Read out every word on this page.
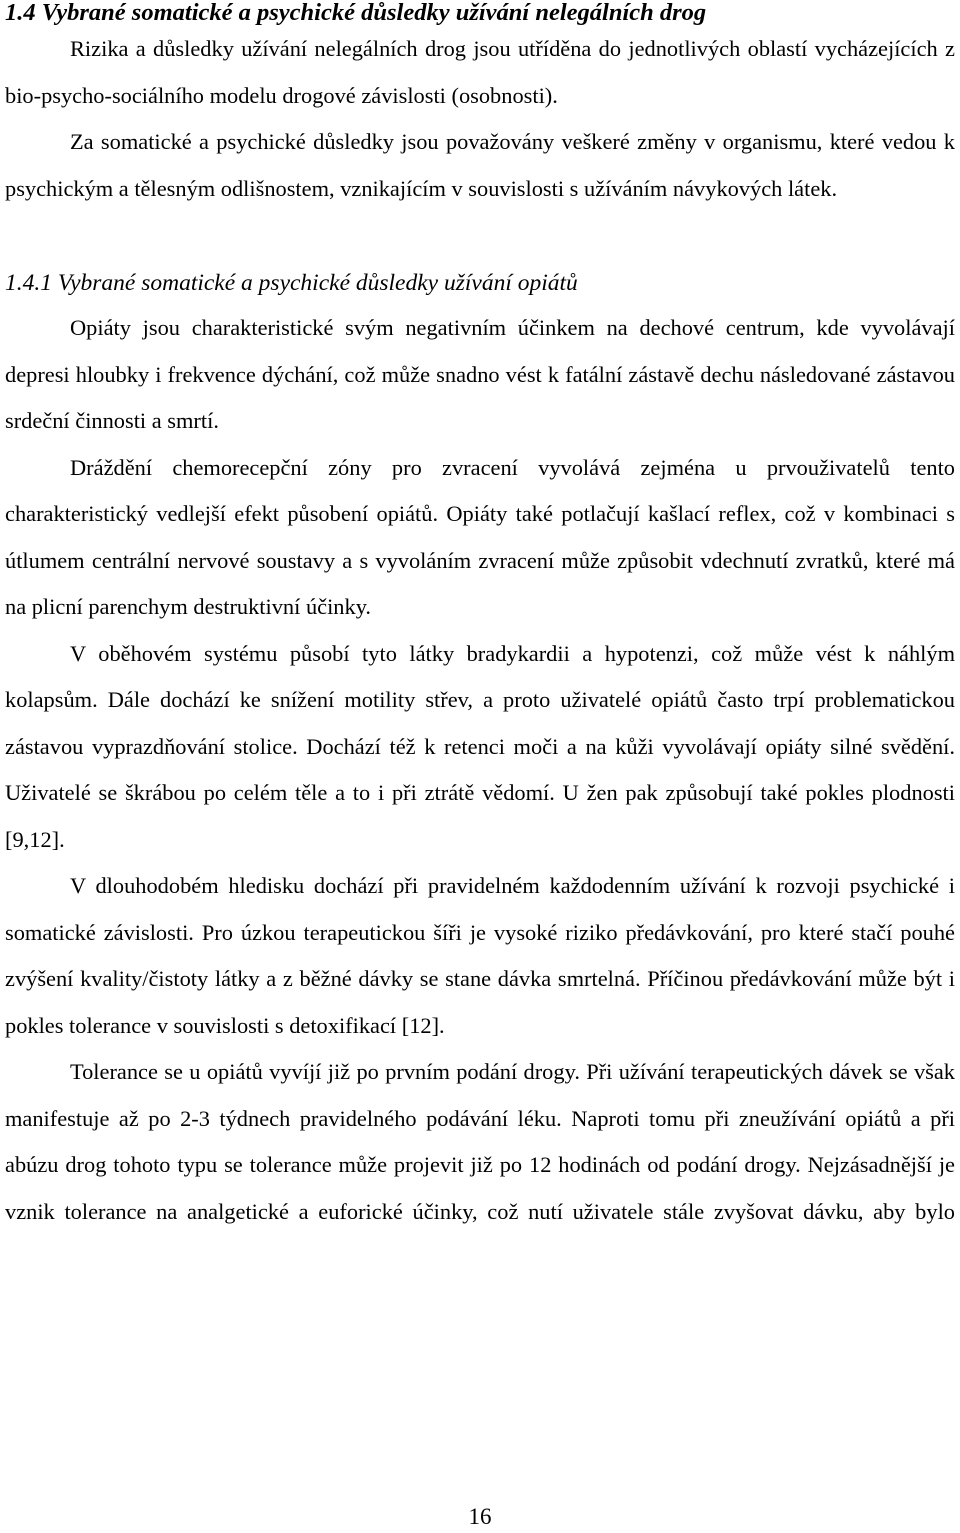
1.4 Vybrané somatické a psychické důsledky užívání nelegálních drog

Rizika a důsledky užívání nelegálních drog jsou utříděna do jednotlivých oblastí vycházejících z bio-psycho-sociálního modelu drogové závislosti (osobnosti).

Za somatické a psychické důsledky jsou považovány veškeré změny v organismu, které vedou k psychickým a tělesným odlišnostem, vznikajícím v souvislosti s užíváním návykových látek.

1.4.1 Vybrané somatické a psychické důsledky užívání opiátů

Opiáty jsou charakteristické svým negativním účinkem na dechové centrum, kde vyvolávají depresi hloubky i frekvence dýchání, což může snadno vést k fatální zástavě dechu následované zástavou srdeční činnosti a smrtí.

Dráždění chemorecepční zóny pro zvracení vyvolává zejména u prvouživatelů tento charakteristický vedlejší efekt působení opiátů. Opiáty také potlačují kašlací reflex, což v kombinaci s útlumem centrální nervové soustavy a s vyvoláním zvracení může způsobit vdechnutí zvratků, které má na plicní parenchym destruktivní účinky.

V oběhovém systému působí tyto látky bradykardii a hypotenzi, což může vést k náhlým kolapsům. Dále dochází ke snížení motility střev, a proto uživatelé opiátů často trpí problematickou zástavou vyprazdňování stolice. Dochází též k retenci moči a na kůži vyvolávají opiáty silné svědění. Uživatelé se škrábou po celém těle a to i při ztrátě vědomí. U žen pak způsobují také pokles plodnosti [9,12].

V dlouhodobém hledisku dochází při pravidelném každodenním užívání k rozvoji psychické i somatické závislosti. Pro úzkou terapeutickou šíři je vysoké riziko předávkování, pro které stačí pouhé zvýšení kvality/čistoty látky a z běžné dávky se stane dávka smrtelná. Příčinou předávkování může být i pokles tolerance v souvislosti s detoxifikací [12].

Tolerance se u opiátů vyvíjí již po prvním podání drogy. Při užívání terapeutických dávek se však manifestuje až po 2-3 týdnech pravidelného podávání léku. Naproti tomu při zneužívání opiátů a při abúzu drog tohoto typu se tolerance může projevit již po 12 hodinách od podání drogy. Nejzásadnější je vznik tolerance na analgetické a euforické účinky, což nutí uživatele stále zvyšovat dávku, aby bylo

16
